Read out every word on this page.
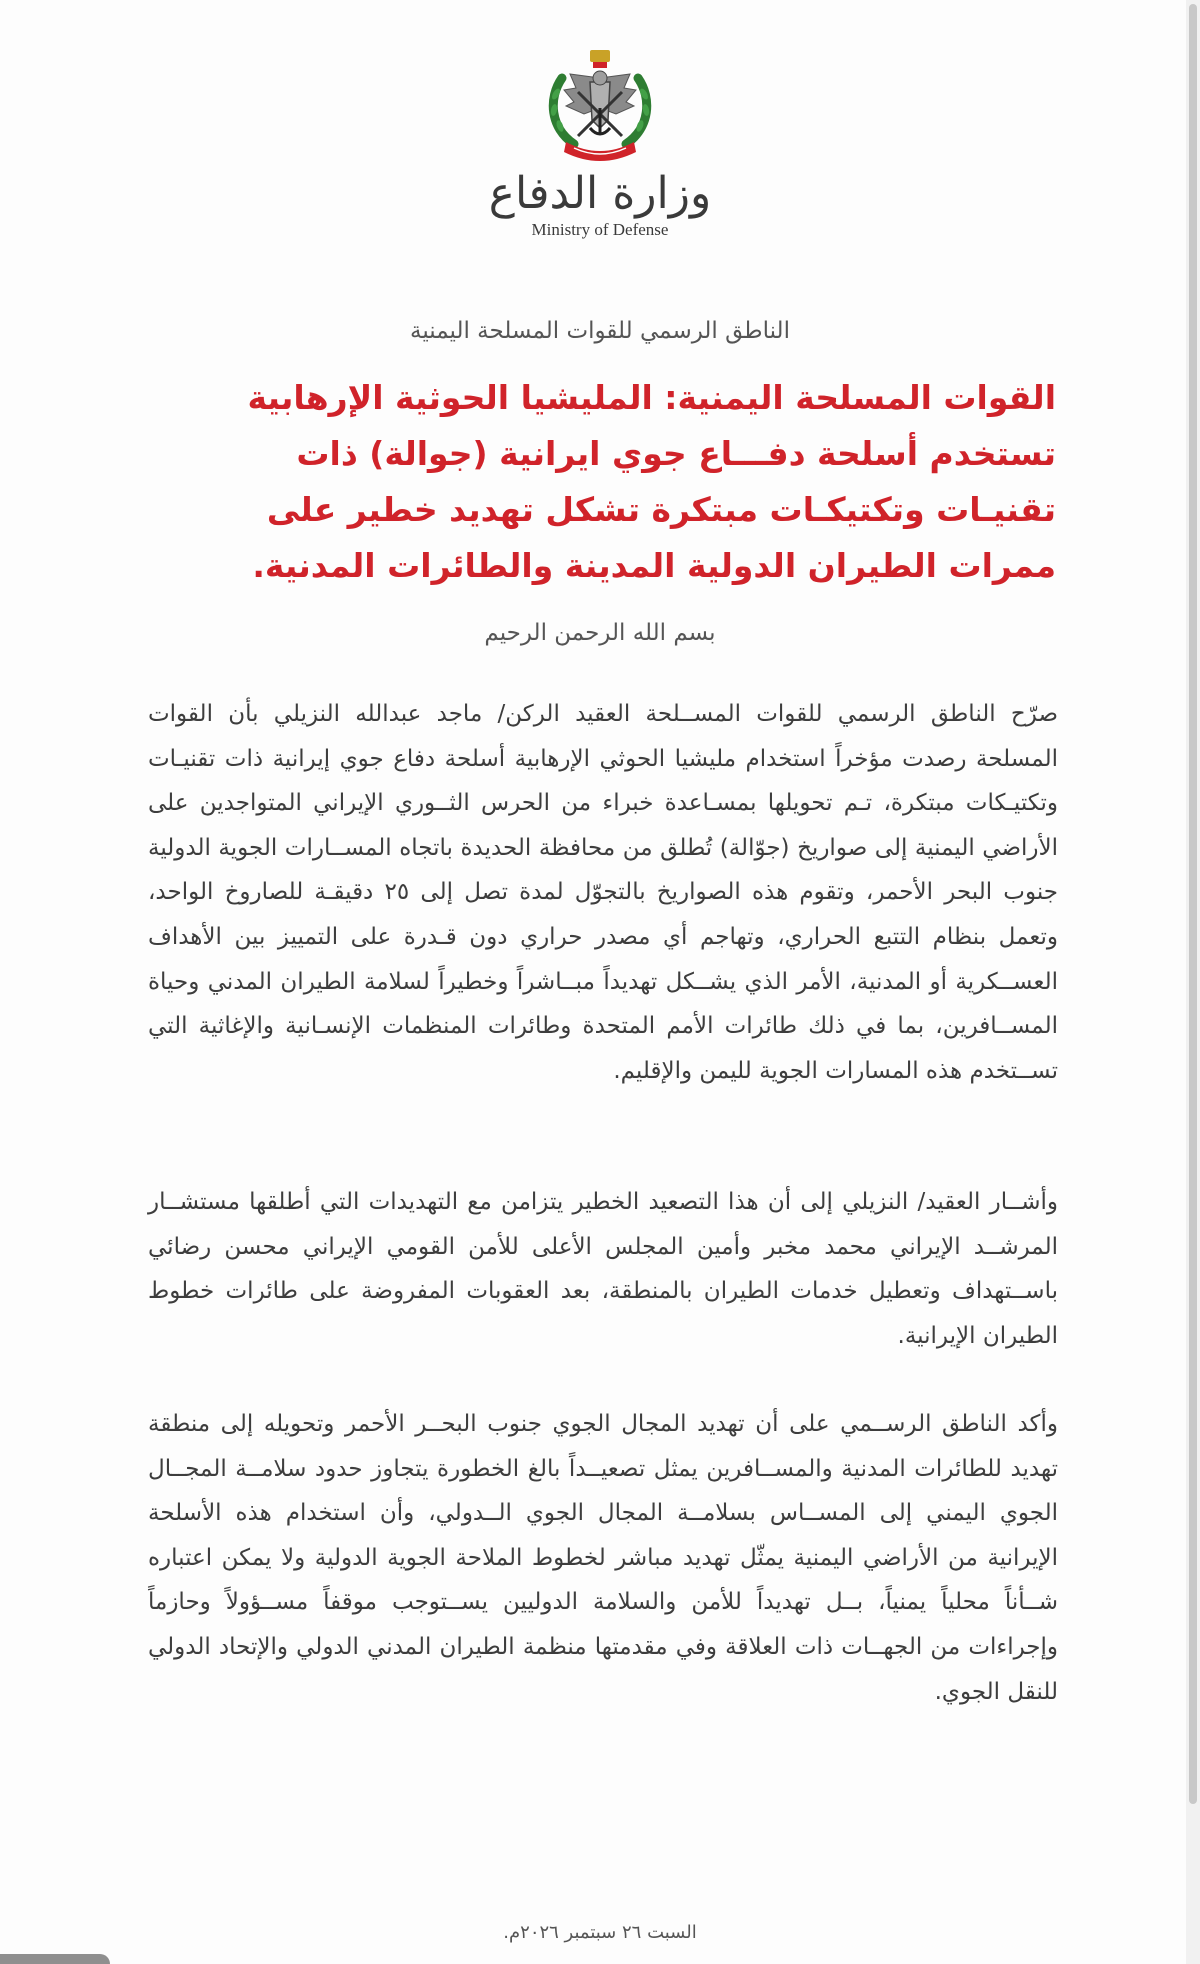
وزارة الدفاع
Ministry of Defense
الناطق الرسمي للقوات المسلحة اليمنية
القوات المسلحة اليمنية: المليشيا الحوثية الإرهابية تستخدم أسلحة دفـــاع جوي ايرانية (جوالة) ذات تقنيـات وتكتيكـات مبتكرة تشكل تهديد خطير على ممرات الطيران الدولية المدينة والطائرات المدنية.
بسم الله الرحمن الرحيم

صرّح الناطق الرسمي للقوات المســلحة العقيد الركن/ ماجد عبدالله النزيلي بأن القوات المسلحة رصدت مؤخراً استخدام مليشيا الحوثي الإرهابية أسلحة دفاع جوي إيرانية ذات تقنيـات وتكتيـكات مبتكرة، تـم تحويلها بمسـاعدة خبراء من الحرس الثــوري الإيراني المتواجدين على الأراضي اليمنية إلى صواريخ (جوّالة) تُطلق من محافظة الحديدة باتجاه المســارات الجوية الدولية جنوب البحر الأحمر، وتقوم هذه الصواريخ بالتجوّل لمدة تصل إلى ٢٥ دقيقـة للصاروخ الواحد، وتعمل بنظام التتبع الحراري، وتهاجم أي مصدر حراري دون قـدرة على التمييز بين الأهداف العســكرية أو المدنية، الأمر الذي يشــكل تهديداً مبــاشراً وخطيراً لسلامة الطيران المدني وحياة المســافرين، بما في ذلك طائرات الأمم المتحدة وطائرات المنظمات الإنسـانية والإغاثية التي تســتخدم هذه المسارات الجوية لليمن والإقليم.

وأشــار العقيد/ النزيلي إلى أن هذا التصعيد الخطير يتزامن مع التهديدات التي أطلقها مستشــار المرشــد الإيراني محمد مخبر وأمين المجلس الأعلى للأمن القومي الإيراني محسن رضائي باســتهداف وتعطيل خدمات الطيران بالمنطقة، بعد العقوبات المفروضة على طائرات خطوط الطيران الإيرانية.

وأكد الناطق الرســمي على أن تهديد المجال الجوي جنوب البحــر الأحمر وتحويله إلى منطقة تهديد للطائرات المدنية والمســافرين يمثل تصعيــداً بالغ الخطورة يتجاوز حدود سلامــة المجــال الجوي اليمني إلى المســاس بسلامــة المجال الجوي الــدولي، وأن استخدام هذه الأسلحة الإيرانية من الأراضي اليمنية يمثّل تهديد مباشر لخطوط الملاحة الجوية الدولية ولا يمكن اعتباره شــأناً محلياً يمنياً، بــل تهديداً للأمن والسلامة الدوليين يســتوجب موقفاً مســؤولاً وحازماً وإجراءات من الجهــات ذات العلاقة وفي مقدمتها منظمة الطيران المدني الدولي والإتحاد الدولي للنقل الجوي.

السبت ٢٦ سبتمبر ٢٠٢٦م.
